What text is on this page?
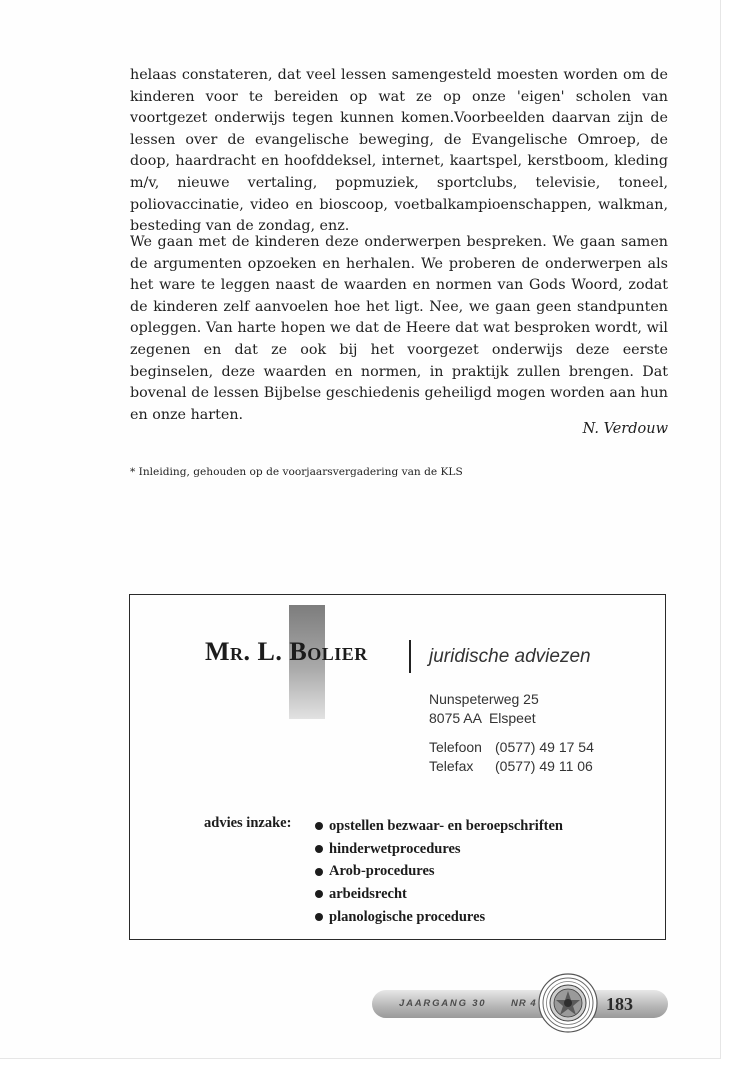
helaas constateren, dat veel lessen samengesteld moesten worden om de kinderen voor te bereiden op wat ze op onze 'eigen' scholen van voortgezet onderwijs tegen kunnen komen.Voorbeelden daarvan zijn de lessen over de evangelische beweging, de Evangelische Omroep, de doop, haardracht en hoofddeksel, internet, kaartspel, kerstboom, kleding m/v, nieuwe vertaling, popmuziek, sportclubs, televisie, toneel, poliovaccinatie, video en bioscoop, voetbalkampioenschappen, walkman, besteding van de zondag, enz.

We gaan met de kinderen deze onderwerpen bespreken. We gaan samen de argumenten opzoeken en herhalen. We proberen de onderwerpen als het ware te leggen naast de waarden en normen van Gods Woord, zodat de kinderen zelf aanvoelen hoe het ligt. Nee, we gaan geen standpunten opleggen. Van harte hopen we dat de Heere dat wat besproken wordt, wil zegenen en dat ze ook bij het voorgezet onderwijs deze eerste beginselen, deze waarden en normen, in praktijk zullen brengen. Dat bovenal de lessen Bijbelse geschiedenis geheiligd mogen worden aan hun en onze harten.

N. Verdouw
* Inleiding, gehouden op de voorjaarsvergadering van de KLS
Mr. L. Bolier	juridische adviezen
Nunspeterweg 25
8075 AA  Elspeet
Telefoon (0577) 49 17 54
Telefax	(0577) 49 11 06
advies inzake:	opstellen bezwaar- en beroepschriften
hinderwetprocedures
Arob-procedures
arbeidsrecht
planologische procedures
JAARGANG 30	NR 4	183
